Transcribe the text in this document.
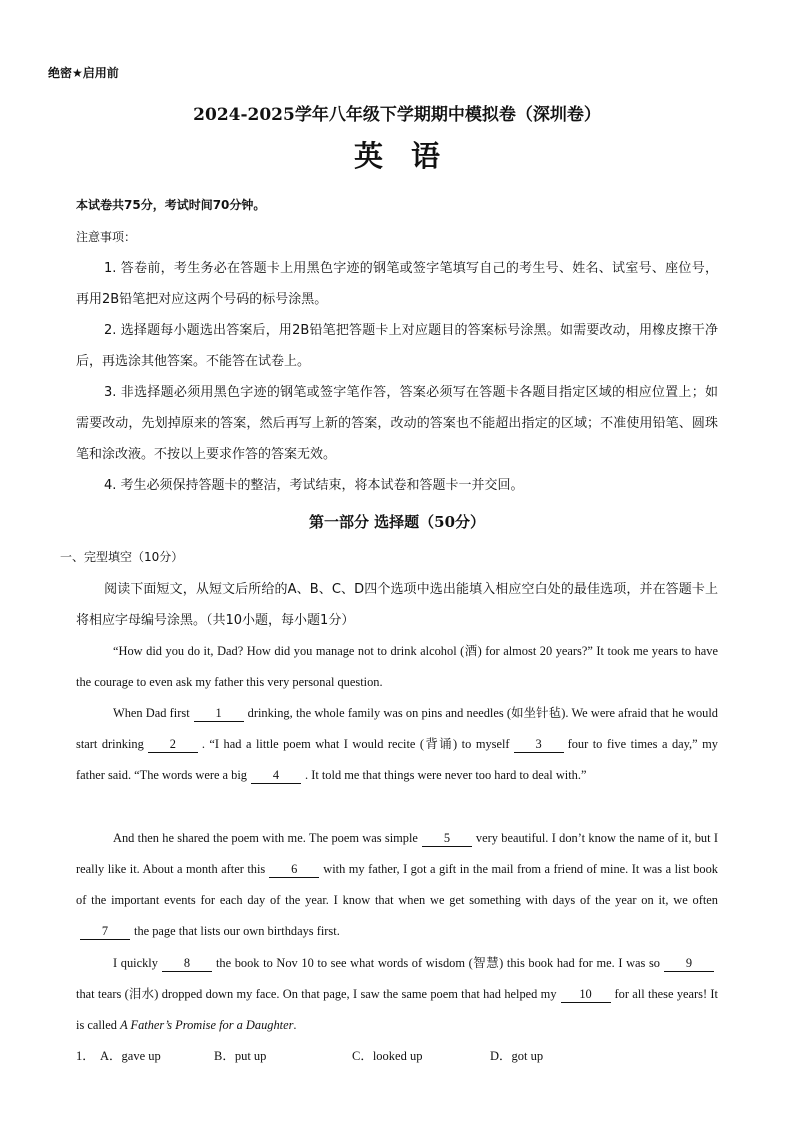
绝密★启用前
2024-2025学年八年级下学期期中模拟卷（深圳卷）
英语
本试卷共75分，考试时间70分钟。
注意事项：

1. 答卷前，考生务必在答题卡上用黑色字迹的钢笔或签字笔填写自己的考生号、姓名、试室号、座位号，再用2B铅笔把对应这两个号码的标号涂黑。

2. 选择题每小题选出答案后，用2B铅笔把答题卡上对应题目的答案标号涂黑。如需要改动，用橡皮擦干净后，再选涂其他答案。不能答在试卷上。

3. 非选择题必须用黑色字迹的钢笔或签字笔作答，答案必须写在答题卡各题目指定区域的相应位置上；如需要改动，先划掉原来的答案，然后再写上新的答案，改动的答案也不能超出指定的区域；不准使用铅笔、圆珠笔和涂改液。不按以上要求作答的答案无效。

4. 考生必须保持答题卡的整洁，考试结束，将本试卷和答题卡一并交回。

第一部分 选择题（50分）
一、完型填空（10分）

阅读下面短文，从短文后所给的A、B、C、D四个选项中选出能填入相应空白处的最佳选项，并在答题卡上将相应字母编号涂黑。（共10小题，每小题1分）

“How did you do it, Dad? How did you manage not to drink alcohol (酒) for almost 20 years?” It took me years to have the courage to even ask my father this very personal question.

When Dad first 1 drinking, the whole family was on pins and needles (如坐针毡). We were afraid that he would start drinking 2 . “I had a little poem what I would recite (背诵) to myself 3 four to five times a day,” my father said. “The words were a big 4 . It told me that things were never too hard to deal with.”

And then he shared the poem with me. The poem was simple 5 very beautiful. I don’t know the name of it, but I really like it. About a month after this 6 with my father, I got a gift in the mail from a friend of mine. It was a list book of the important events for each day of the year. I know that when we get something with days of the year on it, we often7 the page that lists our own birthdays first.

I quickly 8 the book to Nov 10 to see what words of wisdom (智慧) this book had for me. I was so 9that tears (泪水) dropped down my face. On that page, I saw the same poem that had helped my 10 for all these years! It is called A Father’s Promise for a Daughter.

1． A．gave up	B．put up	C．looked up	D．got up
